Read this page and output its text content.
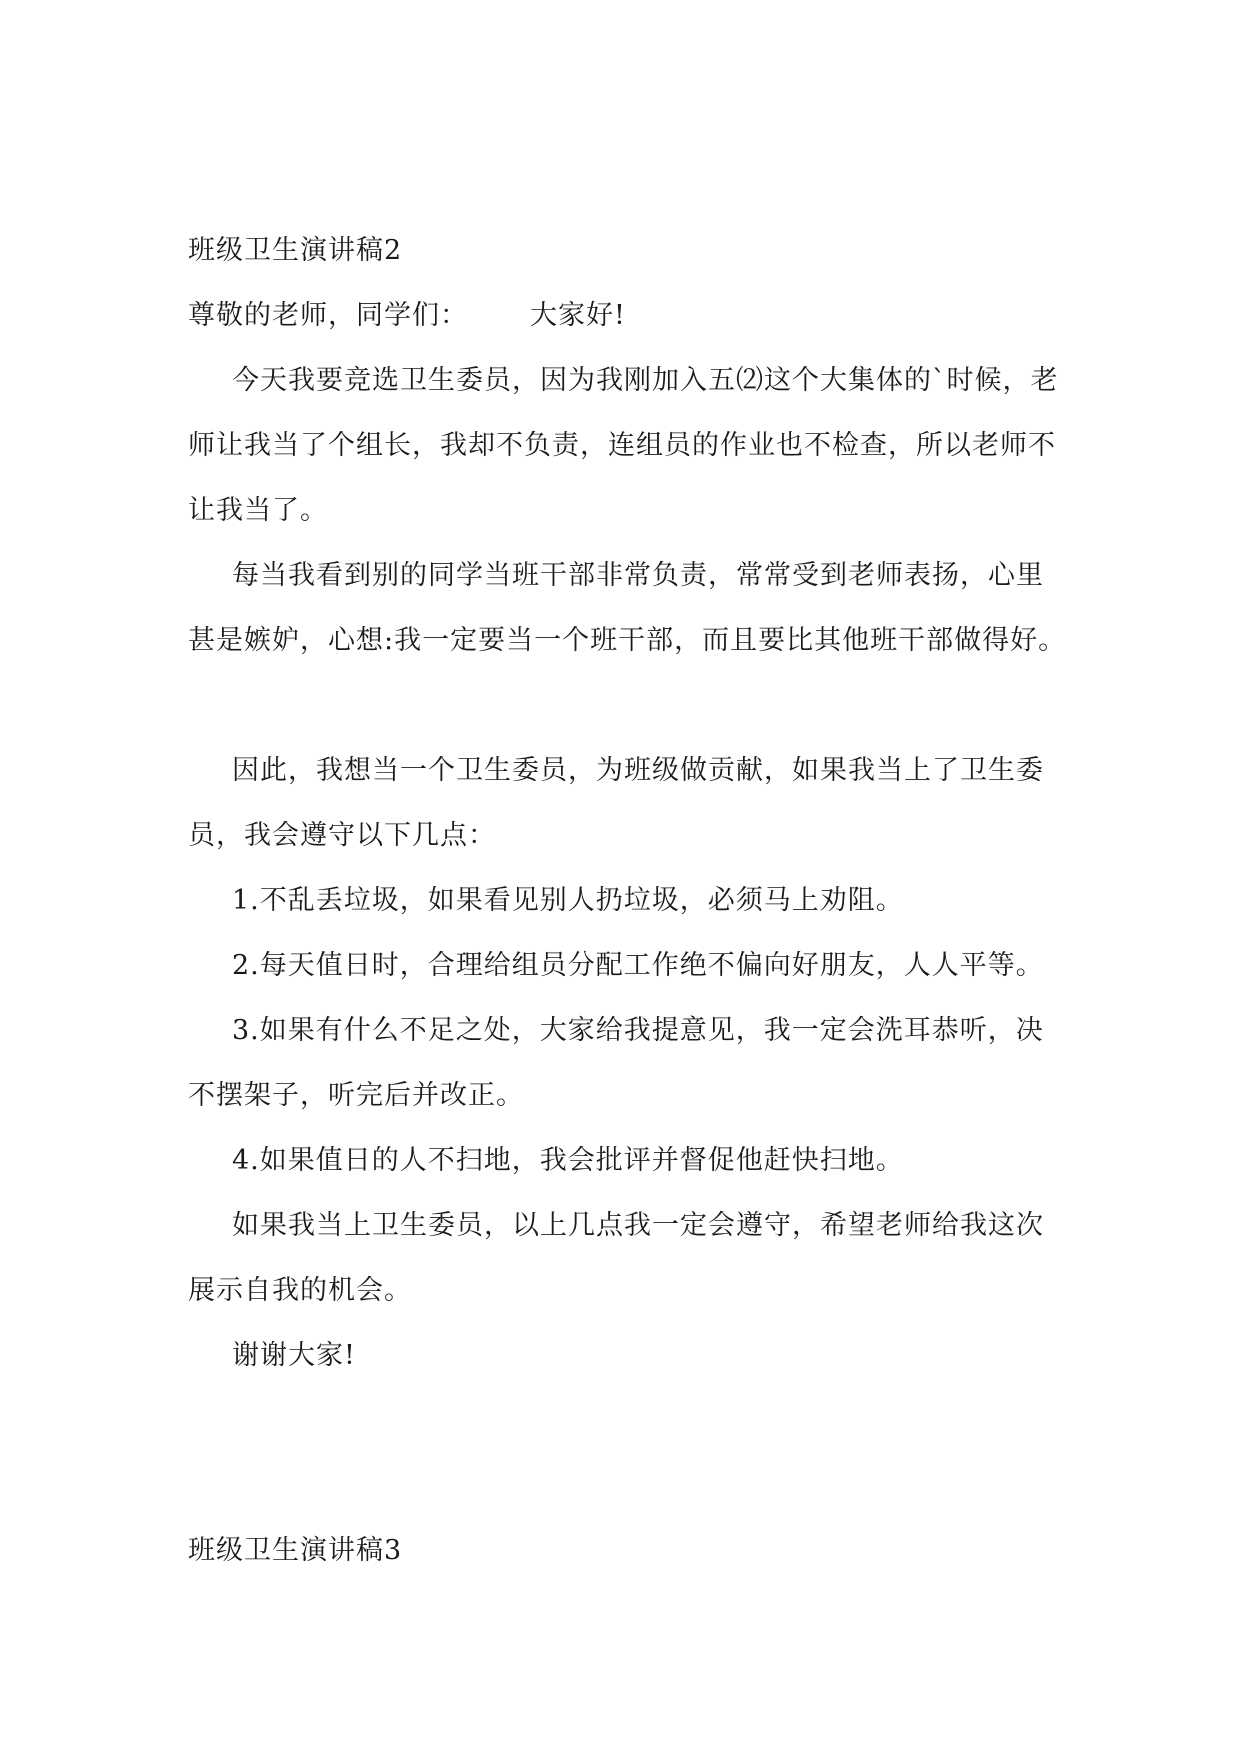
班级卫生演讲稿2
尊敬的老师，同学们： 大家好!
今天我要竞选卫生委员，因为我刚加入五⑵这个大集体的`时候，老师让我当了个组长，我却不负责，连组员的作业也不检查，所以老师不让我当了。
每当我看到别的同学当班干部非常负责，常常受到老师表扬，心里甚是嫉妒，心想:我一定要当一个班干部，而且要比其他班干部做得好。
因此，我想当一个卫生委员，为班级做贡献，如果我当上了卫生委员，我会遵守以下几点：
1.不乱丢垃圾，如果看见别人扔垃圾，必须马上劝阻。
2.每天值日时，合理给组员分配工作绝不偏向好朋友，人人平等。
3.如果有什么不足之处，大家给我提意见，我一定会洗耳恭听，决不摆架子，听完后并改正。
4.如果值日的人不扫地，我会批评并督促他赶快扫地。
如果我当上卫生委员，以上几点我一定会遵守，希望老师给我这次展示自我的机会。
谢谢大家!
班级卫生演讲稿3
